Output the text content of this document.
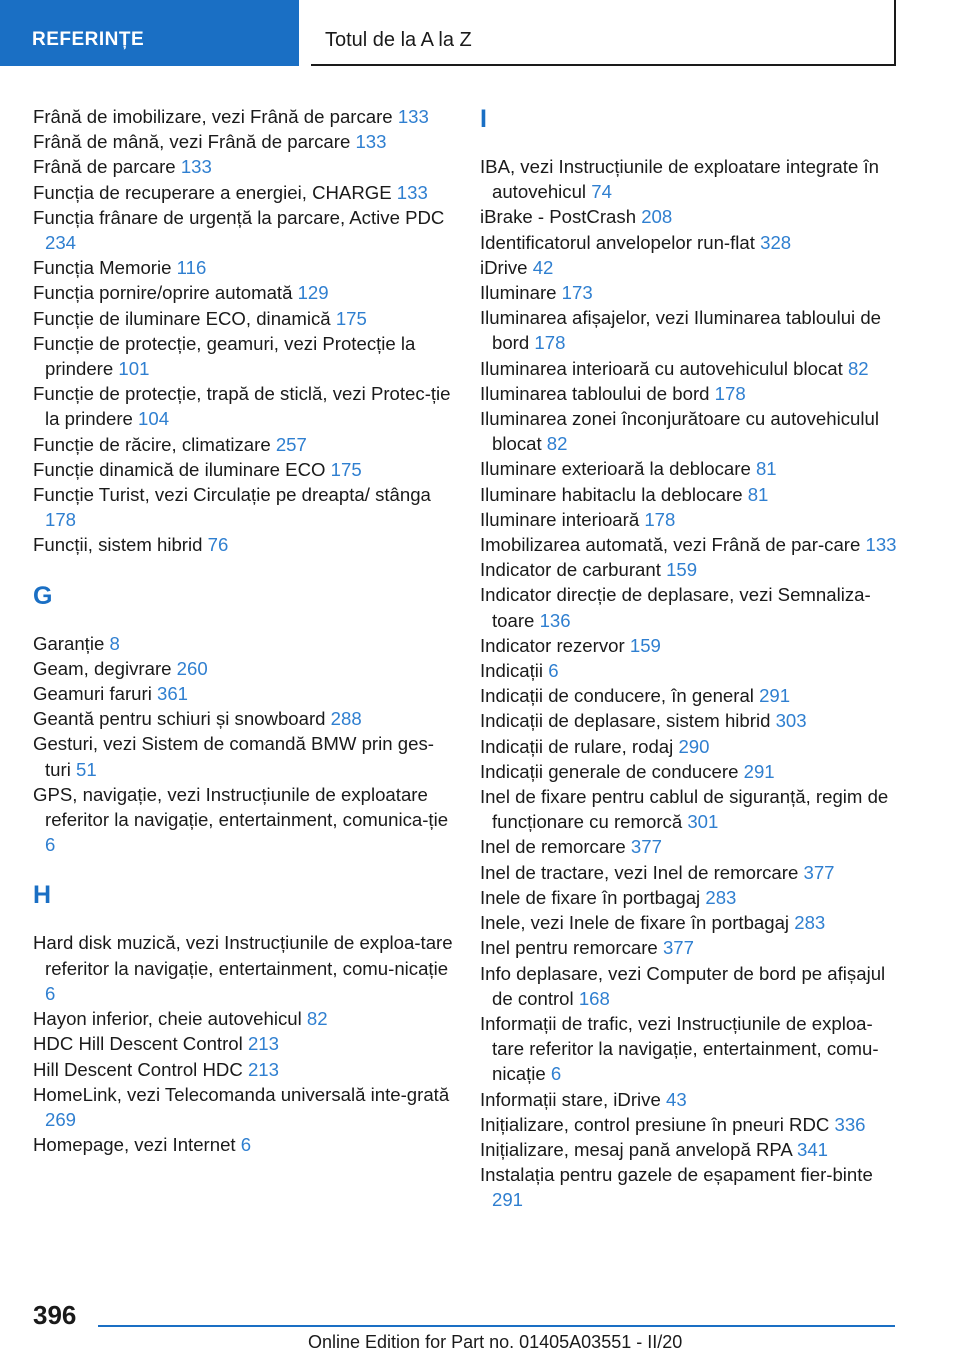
REFERINȚE	Totul de la A la Z
Frână de imobilizare, vezi Frână de parcare 133
Frână de mână, vezi Frână de parcare 133
Frână de parcare 133
Funcția de recuperare a energiei, CHARGE 133
Funcția frânare de urgență la parcare, Active PDC 234
Funcția Memorie 116
Funcția pornire/oprire automată 129
Funcție de iluminare ECO, dinamică 175
Funcție de protecție, geamuri, vezi Protecție la prindere 101
Funcție de protecție, trapă de sticlă, vezi Protec‐ție la prindere 104
Funcție de răcire, climatizare 257
Funcție dinamică de iluminare ECO 175
Funcție Turist, vezi Circulație pe dreapta/ stânga 178
Funcții, sistem hibrid 76
G
Garanție 8
Geam, degivrare 260
Geamuri faruri 361
Geantă pentru schiuri și snowboard 288
Gesturi, vezi Sistem de comandă BMW prin ges‐turi 51
GPS, navigație, vezi Instrucțiunile de exploatare referitor la navigație, entertainment, comunica‐ție 6
H
Hard disk muzică, vezi Instrucțiunile de exploa‐tare referitor la navigație, entertainment, comu‐nicație 6
Hayon inferior, cheie autovehicul 82
HDC Hill Descent Control 213
Hill Descent Control HDC 213
HomeLink, vezi Telecomanda universală inte‐grată 269
Homepage, vezi Internet 6
I
IBA, vezi Instrucțiunile de exploatare integrate în autovehicul 74
iBrake - PostCrash 208
Identificatorul anvelopelor run-flat 328
iDrive 42
Iluminare 173
Iluminarea afișajelor, vezi Iluminarea tabloului de bord 178
Iluminarea interioară cu autovehiculul blocat 82
Iluminarea tabloului de bord 178
Iluminarea zonei înconjurătoare cu autovehiculul blocat 82
Iluminare exterioară la deblocare 81
Iluminare habitaclu la deblocare 81
Iluminare interioară 178
Imobilizarea automată, vezi Frână de par‐care 133
Indicator de carburant 159
Indicator direcție de deplasare, vezi Semnaliza‐toare 136
Indicator rezervor 159
Indicații 6
Indicații de conducere, în general 291
Indicații de deplasare, sistem hibrid 303
Indicații de rulare, rodaj 290
Indicații generale de conducere 291
Inel de fixare pentru cablul de siguranță, regim de funcționare cu remorcă 301
Inel de remorcare 377
Inel de tractare, vezi Inel de remorcare 377
Inele de fixare în portbagaj 283
Inele, vezi Inele de fixare în portbagaj 283
Inel pentru remorcare 377
Info deplasare, vezi Computer de bord pe afișajul de control 168
Informații de trafic, vezi Instrucțiunile de exploa‐tare referitor la navigație, entertainment, comu‐nicație 6
Informații stare, iDrive 43
Inițializare, control presiune în pneuri RDC 336
Inițializare, mesaj pană anvelopă RPA 341
Instalația pentru gazele de eșapament fier‐binte 291
396
Online Edition for Part no. 01405A03551 - II/20
